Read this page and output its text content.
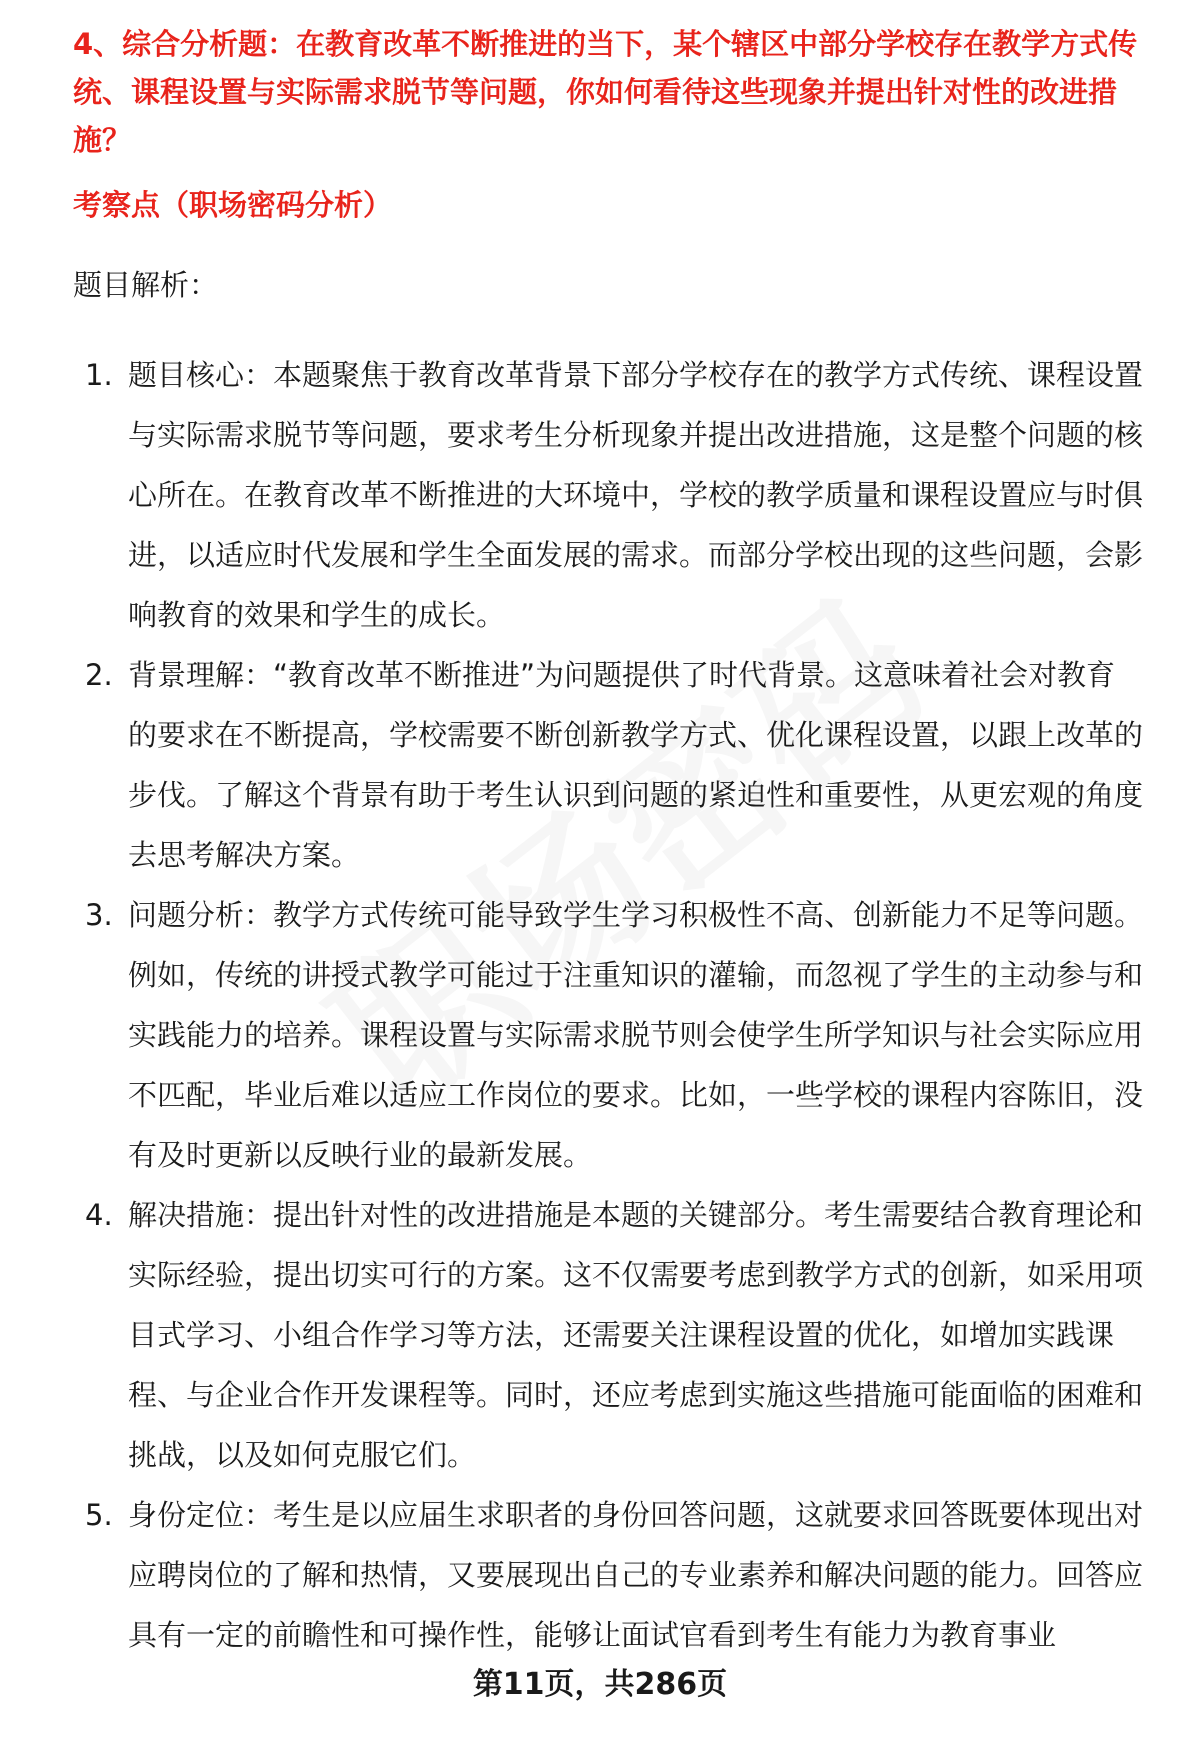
4、综合分析题：在教育改革不断推进的当下，某个辖区中部分学校存在教学方式传统、课程设置与实际需求脱节等问题，你如何看待这些现象并提出针对性的改进措施？

考察点（职场密码分析）

题目解析：

1. 题目核心：本题聚焦于教育改革背景下部分学校存在的教学方式传统、课程设置与实际需求脱节等问题，要求考生分析现象并提出改进措施，这是整个问题的核心所在。在教育改革不断推进的大环境中，学校的教学质量和课程设置应与时俱进，以适应时代发展和学生全面发展的需求。而部分学校出现的这些问题，会影响教育的效果和学生的成长。
2. 背景理解：“教育改革不断推进”为问题提供了时代背景。这意味着社会对教育的要求在不断提高，学校需要不断创新教学方式、优化课程设置，以跟上改革的步伐。了解这个背景有助于考生认识到问题的紧迫性和重要性，从更宏观的角度去思考解决方案。
3. 问题分析：教学方式传统可能导致学生学习积极性不高、创新能力不足等问题。例如，传统的讲授式教学可能过于注重知识的灌输，而忽视了学生的主动参与和实践能力的培养。课程设置与实际需求脱节则会使学生所学知识与社会实际应用不匹配，毕业后难以适应工作岗位的要求。比如，一些学校的课程内容陈旧，没有及时更新以反映行业的最新发展。
4. 解决措施：提出针对性的改进措施是本题的关键部分。考生需要结合教育理论和实际经验，提出切实可行的方案。这不仅需要考虑到教学方式的创新，如采用项目式学习、小组合作学习等方法，还需要关注课程设置的优化，如增加实践课程、与企业合作开发课程等。同时，还应考虑到实施这些措施可能面临的困难和挑战，以及如何克服它们。
5. 身份定位：考生是以应届生求职者的身份回答问题，这就要求回答既要体现出对应聘岗位的了解和热情，又要展现出自己的专业素养和解决问题的能力。回答应具有一定的前瞻性和可操作性，能够让面试官看到考生有能力为教育事业
第11页，共286页
